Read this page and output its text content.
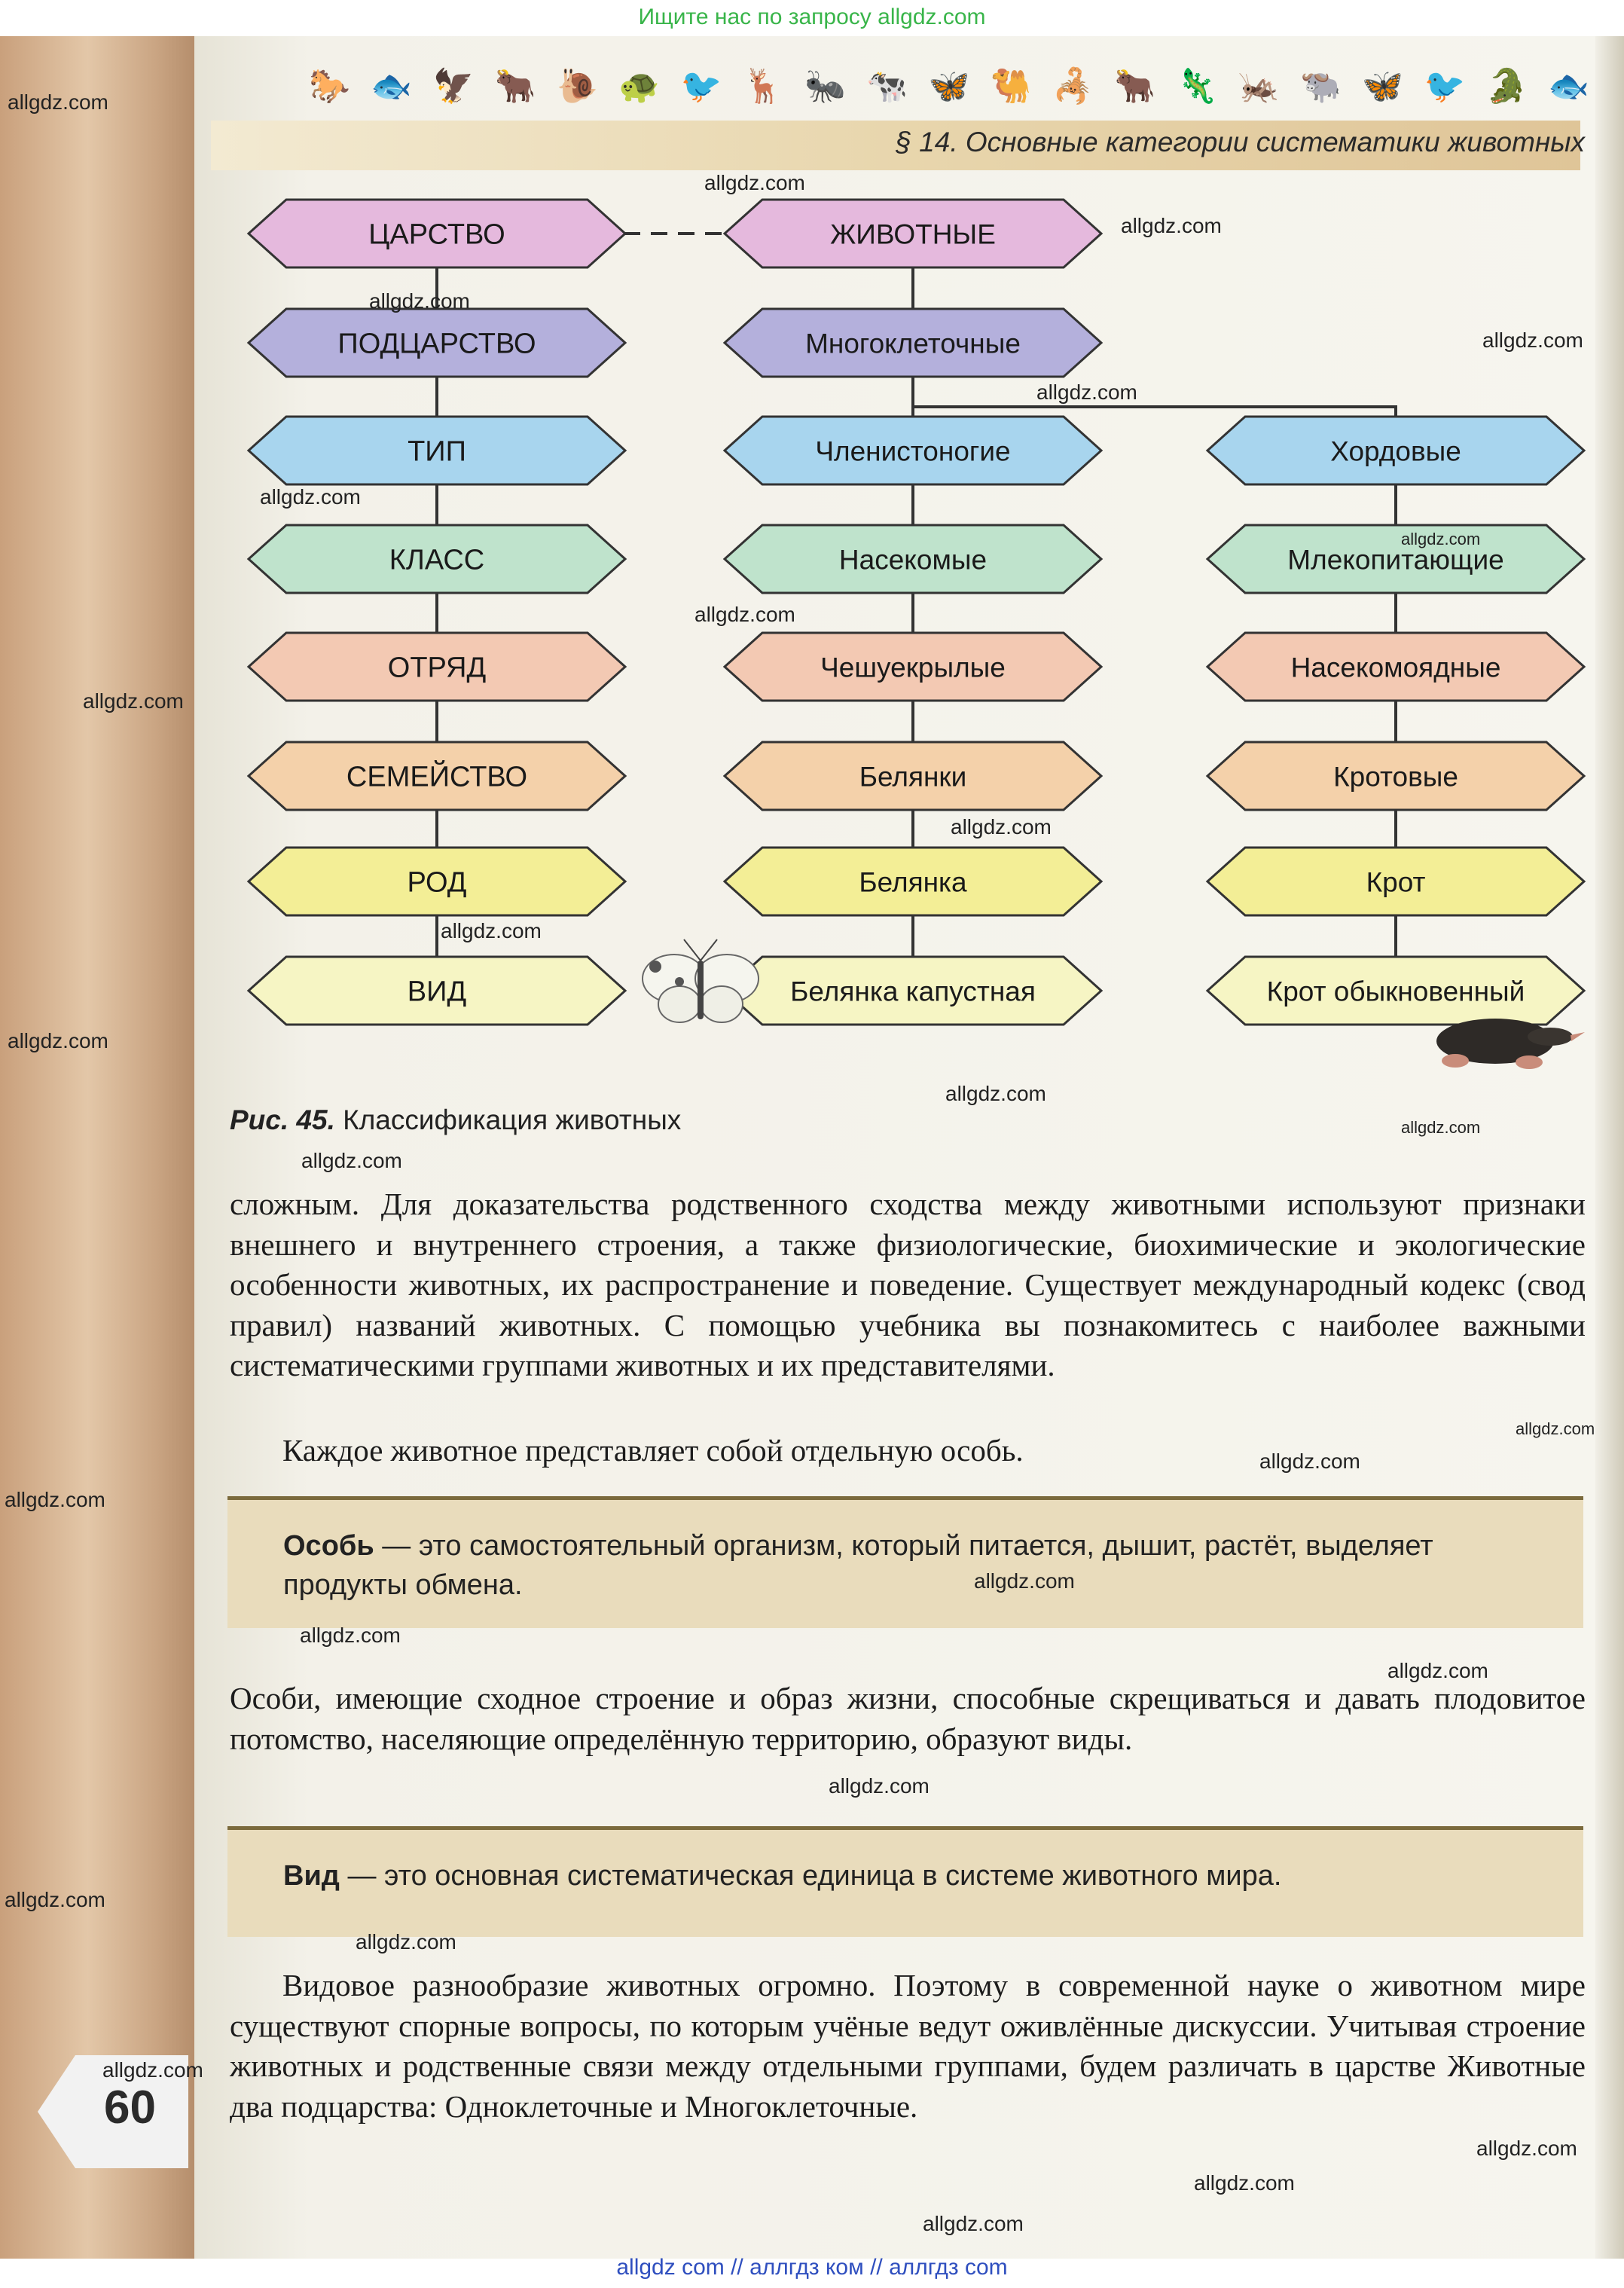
Ищите нас по запросу allgdz.com
🐎 🐟 🦅 🐂 🐌 🐢 🐦 🦌 🐜 🐄 🦋 🐫 🦂 🐂 🦎 🦗 🐃 🦋 🐦 🐊 🐟
§ 14. Основные категории систематики животных
ЦАРСТВО
ПОДЦАРСТВО
ТИП
КЛАСС
ОТРЯД
СЕМЕЙСТВО
РОД
ВИД
ЖИВОТНЫЕ
Многоклеточные
Членистоногие
Насекомые
Чешуекрылые
Белянки
Белянка
Белянка капустная
Хордовые
Млекопитающие
Насекомоядные
Кротовые
Крот
Крот обыкновенный
Рис. 45. Классификация животных
сложным. Для доказательства родственного сходства между животными используют признаки внешнего и внутреннего строения, а также физиологические, биохимические и экологические особенности животных, их распространение и поведение. Существует международный кодекс (свод правил) названий животных. С помощью учебника вы познакомитесь с наиболее важными систематическими группами животных и их представителями.
Каждое животное представляет собой отдельную особь.
Особь — это самостоятельный организм, который питается, дышит, растёт, выделяет продукты обмена.
Особи, имеющие сходное строение и образ жизни, способные скрещиваться и давать плодовитое потомство, населяющие определённую территорию, образуют виды.
Вид — это основная систематическая единица в системе животного мира.
Видовое разнообразие животных огромно. Поэтому в современной науке о животном мире существуют спорные вопросы, по которым учёные ведут оживлённые дискуссии. Учитывая строение животных и родственные связи между отдельными группами, будем различать в царстве Животные два подцарства: Одноклеточные и Многоклеточные.
60
allgdz.com
allgdz.com
allgdz.com
allgdz.com
allgdz.com
allgdz.com
allgdz.com
allgdz.com
allgdz.com
allgdz.com
allgdz.com
allgdz.com
allgdz.com
allgdz.com
allgdz.com
allgdz.com
allgdz.com
allgdz.com
allgdz.com
allgdz.com
allgdz.com
allgdz.com
allgdz.com
allgdz.com
allgdz.com
allgdz.com
allgdz.com
allgdz.com
allgdz.com
allgdz com // аллгдз ком // аллгдз com
